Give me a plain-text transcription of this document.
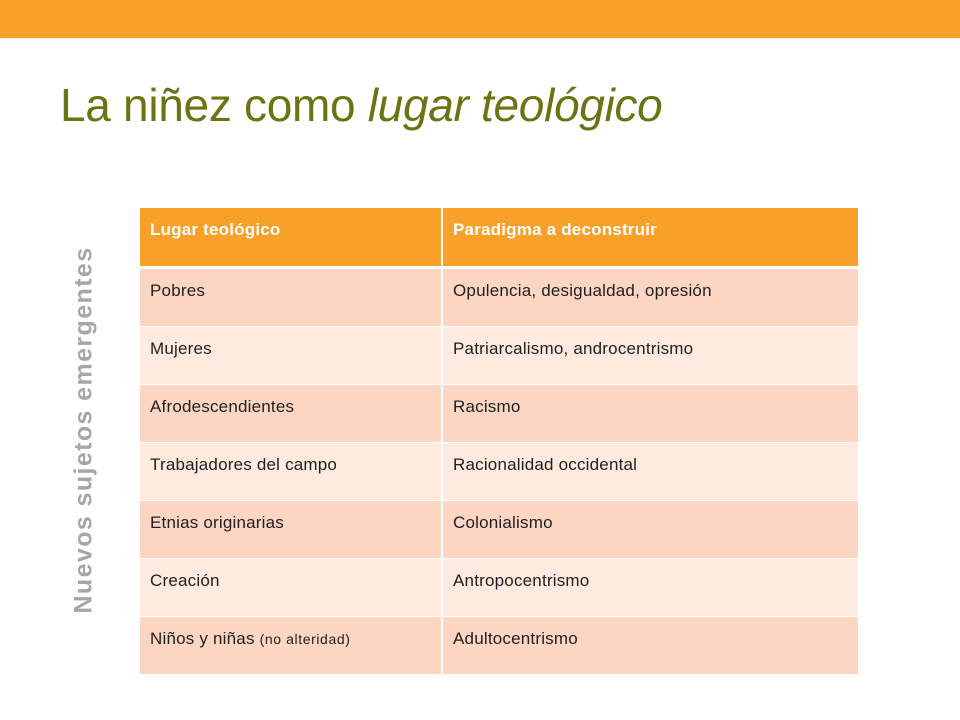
La niñez como lugar teológico
Nuevos sujetos emergentes
Lugar teológico	Paradigma a deconstruir
Pobres	Opulencia, desigualdad, opresión
Mujeres	Patriarcalismo, androcentrismo
Afrodescendientes	Racismo
Trabajadores del campo	Racionalidad occidental
Etnias originarias	Colonialismo
Creación	Antropocentrismo
Niños y niñas (no alteridad)	Adultocentrismo
